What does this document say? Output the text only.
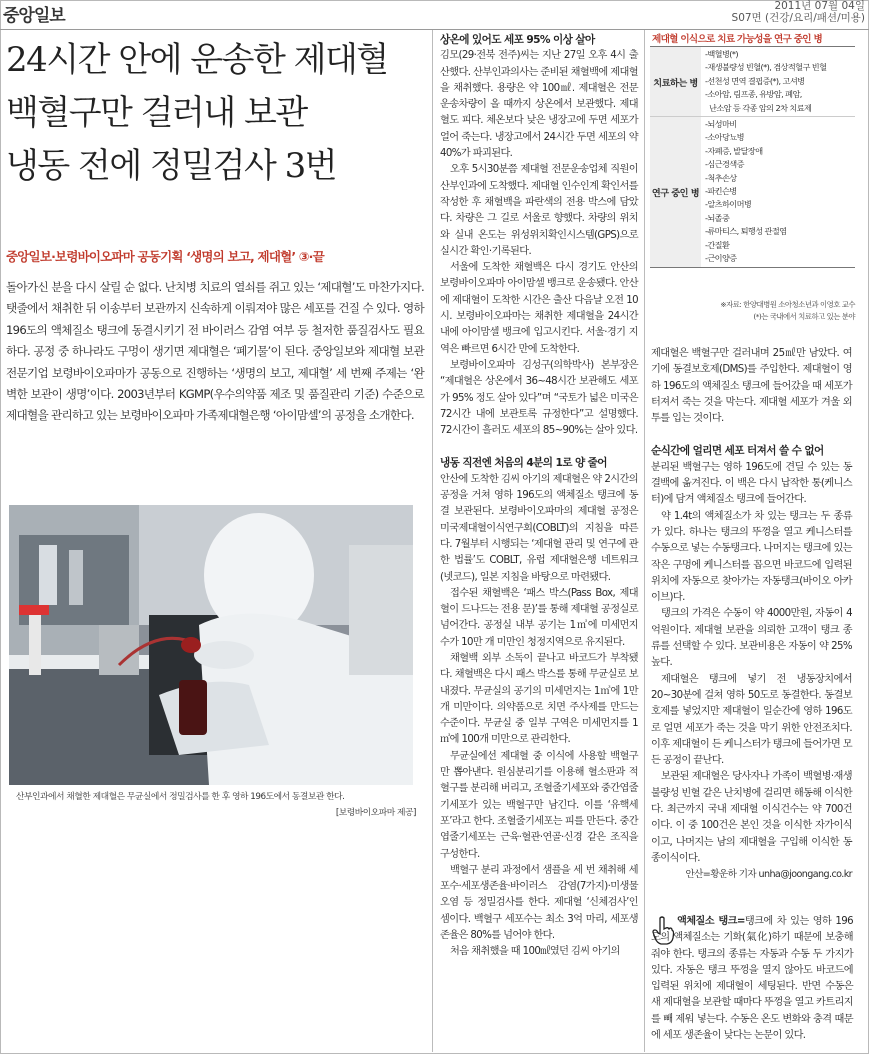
중앙일보	2011년 07월 04일
S07면 (건강/요리/패션/미용)
24시간 안에 운송한 제대혈
백혈구만 걸러내 보관
냉동 전에 정밀검사 3번
중앙일보·보령바이오파마 공동기획 ‘생명의 보고, 제대혈’ ③·끝
돌아가신 분을 다시 살릴 순 없다. 난치병 치료의 열쇠를 쥐고 있는 ‘제대혈’도 마찬가지다. 탯줄에서 채취한 뒤 이송부터 보관까지 신속하게 이뤄져야 많은 세포를 건질 수 있다. 영하 196도의 액체질소 탱크에 동결시키기 전 바이러스 감염 여부 등 철저한 품질검사도 필요하다. 공정 중 하나라도 구멍이 생기면 제대혈은 ‘폐기물’이 된다. 중앙일보와 제대혈 보관 전문기업 보령바이오파마가 공동으로 진행하는 ‘생명의 보고, 제대혈’ 세 번째 주제는 ‘완벽한 보관이 생명’이다. 2003년부터 KGMP(우수의약품 제조 및 품질관리 기준) 수준으로 제대혈을 관리하고 있는 보령바이오파마 가족제대혈은행 ‘아이맘셀’의 공정을 소개한다.
산부인과에서 채혈한 제대혈은 무균실에서 정밀검사를 한 후 영하 196도에서 동결보관 한다.
[보령바이오파마 제공]

상온에 있어도 세포 95% 이상 살아

김모(29·전북 전주)씨는 지난 27일 오후 4시 출산했다. 산부인과의사는 준비된 채혈백에 제대혈을 채취했다. 용량은 약 100㎖. 제대혈은 전문 운송차량이 올 때까지 상온에서 보관했다. 제대혈도 피다. 체온보다 낮은 냉장고에 두면 세포가 얼어 죽는다. 냉장고에서 24시간 두면 세포의 약 40%가 파괴된다.

오후 5시30분쯤 제대혈 전문운송업체 직원이 산부인과에 도착했다. 제대혈 인수인계 확인서를 작성한 후 채혈백을 파란색의 전용 박스에 담았다. 차량은 그 길로 서울로 향했다. 차량의 위치와 실내 온도는 위성위치확인시스템(GPS)으로 실시간 확인·기록된다.

서울에 도착한 채혈백은 다시 경기도 안산의 보령바이오파마 아이맘셀 뱅크로 운송됐다. 안산에 제대혈이 도착한 시간은 출산 다음날 오전 10시. 보령바이오파마는 채취한 제대혈을 24시간 내에 아이맘셀 뱅크에 입고시킨다. 서울·경기 지역은 빠르면 6시간 만에 도착한다.

보령바이오파마 김성구(의학박사) 본부장은 “제대혈은 상온에서 36~48시간 보관해도 세포가 95% 정도 살아 있다”며 “국토가 넓은 미국은 72시간 내에 보관토록 규정한다”고 설명했다. 72시간이 흘러도 세포의 85~90%는 살아 있다.

냉동 직전엔 처음의 4분의 1로 양 줄어

안산에 도착한 김씨 아기의 제대혈은 약 2시간의 공정을 거쳐 영하 196도의 액체질소 탱크에 동결 보관된다. 보령바이오파마의 제대혈 공정은 미국제대혈이식연구회(COBLT)의 지침을 따른다. 7월부터 시행되는 ‘제대혈 관리 및 연구에 관한 법률’도 COBLT, 유럽 제대혈은행 네트워크(넷코드), 일본 지침을 바탕으로 마련됐다.

접수된 채혈백은 ‘패스 박스(Pass Box, 제대혈이 드나드는 전용 문)’를 통해 제대혈 공정실로 넘어간다. 공정실 내부 공기는 1㎥에 미세먼지 수가 10만 개 미만인 청정지역으로 유지된다.

채혈백 외부 소독이 끝나고 바코드가 부착됐다. 채혈백은 다시 패스 박스를 통해 무균실로 보내졌다. 무균실의 공기의 미세먼지는 1㎥에 1만 개 미만이다. 의약품으로 치면 주사제를 만드는 수준이다. 무균실 중 일부 구역은 미세먼지를 1㎥에 100개 미만으로 관리한다.

무균실에선 제대혈 중 이식에 사용할 백혈구만 뽑아낸다. 원심분리기를 이용해 혈소판과 적혈구를 분리해 버리고, 조혈줄기세포와 중간엽줄기세포가 있는 백혈구만 남긴다. 이를 ‘유핵세포’라고 한다. 조혈줄기세포는 피를 만든다. 중간엽줄기세포는 근육·혈관·연골·신경 같은 조직을 구성한다.

백혈구 분리 과정에서 샘플을 세 번 채취해 세포수·세포생존율·바이러스 감염(7가지)·미생물 오염 등 정밀검사를 한다. 제대혈 ‘신체검사’인 셈이다. 백혈구 세포수는 최소 3억 마리, 세포생존율은 80%를 넘어야 한다.

처음 채취했을 때 100㎖였던 김씨 아기의

제대혈 이식으로 치료 가능성을 연구 중인 병
치료하는 병
-백혈병(*)
-재생불량성 빈혈(*), 겸상적혈구 빈혈
-선천성 면역 결핍증(*), 고셔병
-소아암, 림프종, 유방암, 폐암,
난소암 등 각종 암의 2차 치료제
연구 중인 병
-뇌성마비
-소아당뇨병
-자폐증, 발달장애
-심근경색증
-척추손상
-파킨슨병
-알츠하이머병
-뇌졸중
-류마티스, 퇴행성 관절염
-간질환
-근이양증
※자료: 한양대병원 소아청소년과 이영호 교수
(*)는 국내에서 치료하고 있는 분야

제대혈은 백혈구만 걸러내며 25㎖만 남았다. 여기에 동결보호제(DMS)를 주입한다. 제대혈이 영하 196도의 액체질소 탱크에 들어갔을 때 세포가 터져서 죽는 것을 막는다. 제대혈 세포가 겨울 외투를 입는 것이다.

순식간에 얼리면 세포 터져서 쓸 수 없어

분리된 백혈구는 영하 196도에 견딜 수 있는 동결백에 옮겨진다. 이 백은 다시 납작한 통(케니스터)에 담겨 액체질소 탱크에 들어간다.

약 1.4t의 액체질소가 차 있는 탱크는 두 종류가 있다. 하나는 탱크의 뚜껑을 열고 케니스터를 수동으로 넣는 수동탱크다. 나머지는 탱크에 있는 작은 구멍에 케니스터를 꼽으면 바코드에 입력된 위치에 자동으로 찾아가는 자동탱크(바이오 아카이브)다.

탱크의 가격은 수동이 약 4000만원, 자동이 4억원이다. 제대혈 보관을 의뢰한 고객이 탱크 종류를 선택할 수 있다. 보관비용은 자동이 약 25% 높다.

제대혈은 탱크에 넣기 전 냉동장치에서 20~30분에 걸쳐 영하 50도로 동결한다. 동결보호제를 넣었지만 제대혈이 일순간에 영하 196도로 얼면 세포가 죽는 것을 막기 위한 안전조치다. 이후 제대혈이 든 케니스터가 탱크에 들어가면 모든 공정이 끝난다.

보관된 제대혈은 당사자나 가족이 백혈병·재생불량성 빈혈 같은 난치병에 걸리면 해동해 이식한다. 최근까지 국내 제대혈 이식건수는 약 700건이다. 이 중 100건은 본인 것을 이식한 자가이식이고, 나머지는 남의 제대혈을 구입해 이식한 동종이식이다.

안산=황운하 기자 unha@joongang.co.kr

액체질소 탱크=탱크에 차 있는 영하 196도의 액체질소는 기화(氣化)하기 때문에 보충해줘야 한다. 탱크의 종류는 자동과 수동 두 가지가 있다. 자동은 탱크 뚜껑을 열지 않아도 바코드에 입력된 위치에 제대혈이 세팅된다. 반면 수동은 새 제대혈을 보관할 때마다 뚜껑을 열고 카트리지를 빼 제워 넣는다. 수동은 온도 변화와 충격 때문에 세포 생존율이 낮다는 논문이 있다.
